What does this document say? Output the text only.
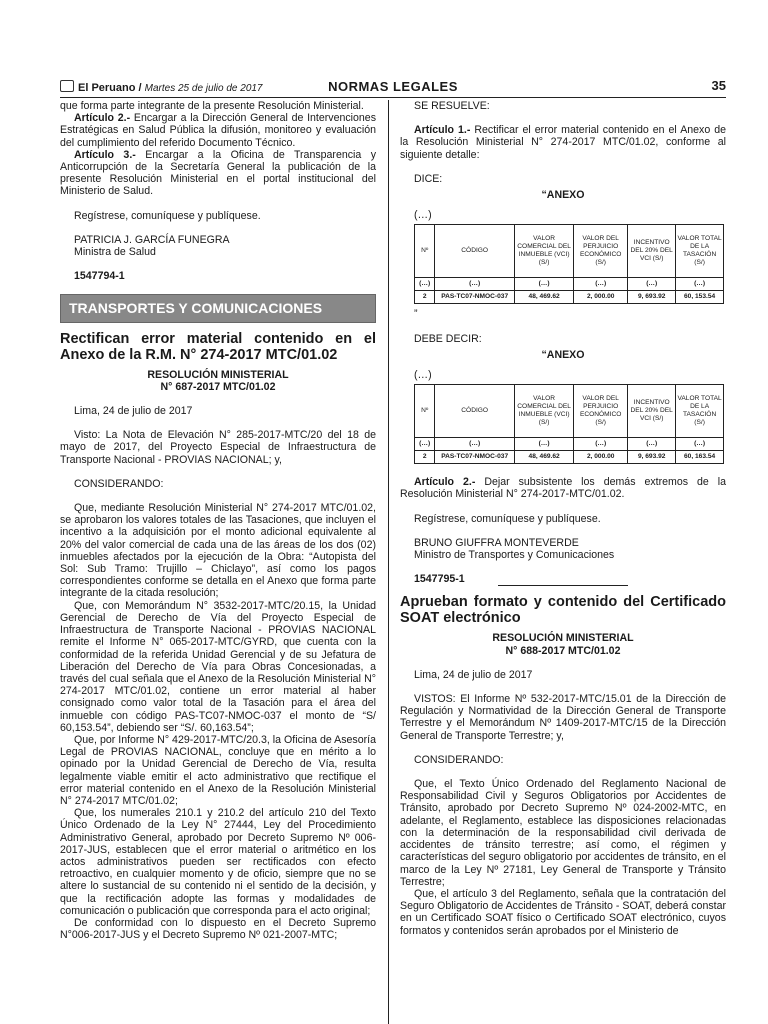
El Peruano / Martes 25 de julio de 2017	NORMAS LEGALES	35

que forma parte integrante de la presente Resolución Ministerial.

Artículo 2.- Encargar a la Dirección General de Intervenciones Estratégicas en Salud Pública la difusión, monitoreo y evaluación del cumplimiento del referido Documento Técnico.

Artículo 3.- Encargar a la Oficina de Transparencia y Anticorrupción de la Secretaría General la publicación de la presente Resolución Ministerial en el portal institucional del Ministerio de Salud.

Regístrese, comuníquese y publíquese.

PATRICIA J. GARCÍA FUNEGRA

Ministra de Salud

1547794-1

TRANSPORTES Y COMUNICACIONES

Rectifican error material contenido en el Anexo de la R.M. N° 274-2017 MTC/01.02

RESOLUCIÓN MINISTERIAL

N° 687-2017 MTC/01.02

Lima, 24 de julio de 2017

Visto: La Nota de Elevación N° 285-2017-MTC/20 del 18 de mayo de 2017, del Proyecto Especial de Infraestructura de Transporte Nacional - PROVIAS NACIONAL; y,

CONSIDERANDO:

Que, mediante Resolución Ministerial N° 274-2017 MTC/01.02, se aprobaron los valores totales de las Tasaciones, que incluyen el incentivo a la adquisición por el monto adicional equivalente al 20% del valor comercial de cada una de las áreas de los dos (02) inmuebles afectados por la ejecución de la Obra: “Autopista del Sol: Sub Tramo: Trujillo – Chiclayo”, así como los pagos correspondientes conforme se detalla en el Anexo que forma parte integrante de la citada resolución;

Que, con Memorándum N° 3532-2017-MTC/20.15, la Unidad Gerencial de Derecho de Vía del Proyecto Especial de Infraestructura de Transporte Nacional - PROVIAS NACIONAL remite el Informe N° 065-2017-MTC/GYRD, que cuenta con la conformidad de la referida Unidad Gerencial y de su Jefatura de Liberación del Derecho de Vía para Obras Concesionadas, a través del cual señala que el Anexo de la Resolución Ministerial N° 274-2017 MTC/01.02, contiene un error material al haber consignado como valor total de la Tasación para el área del inmueble con código PAS-TC07-NMOC-037 el monto de “S/ 60,153.54”, debiendo ser “S/. 60,163.54”;

Que, por Informe N° 429-2017-MTC/20.3, la Oficina de Asesoría Legal de PROVIAS NACIONAL, concluye que en mérito a lo opinado por la Unidad Gerencial de Derecho de Vía, resulta legalmente viable emitir el acto administrativo que rectifique el error material contenido en el Anexo de la Resolución Ministerial N° 274-2017 MTC/01.02;

Que, los numerales 210.1 y 210.2 del artículo 210 del Texto Único Ordenado de la Ley N° 27444, Ley del Procedimiento Administrativo General, aprobado por Decreto Supremo Nº 006-2017-JUS, establecen que el error material o aritmético en los actos administrativos pueden ser rectificados con efecto retroactivo, en cualquier momento y de oficio, siempre que no se altere lo sustancial de su contenido ni el sentido de la decisión, y que la rectificación adopte las formas y modalidades de comunicación o publicación que corresponda para el acto original;

De conformidad con lo dispuesto en el Decreto Supremo N°006-2017-JUS y el Decreto Supremo Nº 021-2007-MTC;

SE RESUELVE:

Artículo 1.- Rectificar el error material contenido en el Anexo de la Resolución Ministerial N° 274-2017 MTC/01.02, conforme al siguiente detalle:

DICE:

“ANEXO

(…)

Nº	CÓDIGO	VALOR COMERCIAL DEL INMUEBLE (VCI) (S/)	VALOR DEL PERJUICIO ECONÓMICO (S/)	INCENTIVO DEL 20% DEL VCI (S/)	VALOR TOTAL DE LA TASACIÓN (S/)
(…)	(…)	(…)	(…)	(…)	(…)
2	PAS-TC07-NMOC-037	48, 469.62	2, 000.00	9, 693.92	60, 153.54

”

DEBE DECIR:

“ANEXO

(…)

Nº	CÓDIGO	VALOR COMERCIAL DEL INMUEBLE (VCI) (S/)	VALOR DEL PERJUICIO ECONÓMICO (S/)	INCENTIVO DEL 20% DEL VCI (S/)	VALOR TOTAL DE LA TASACIÓN (S/)
(…)	(…)	(…)	(…)	(…)	(…)
2	PAS-TC07-NMOC-037	48, 469.62	2, 000.00	9, 693.92	60, 163.54

Artículo 2.- Dejar subsistente los demás extremos de la Resolución Ministerial N° 274-2017-MTC/01.02.

Regístrese, comuníquese y publíquese.

BRUNO GIUFFRA MONTEVERDE

Ministro de Transportes y Comunicaciones

1547795-1

Aprueban formato y contenido del Certificado SOAT electrónico

RESOLUCIÓN MINISTERIAL

N° 688-2017 MTC/01.02

Lima, 24 de julio de 2017

VISTOS: El Informe Nº 532-2017-MTC/15.01 de la Dirección de Regulación y Normatividad de la Dirección General de Transporte Terrestre y el Memorándum Nº 1409-2017-MTC/15 de la Dirección General de Transporte Terrestre; y,

CONSIDERANDO:

Que, el Texto Único Ordenado del Reglamento Nacional de Responsabilidad Civil y Seguros Obligatorios por Accidentes de Tránsito, aprobado por Decreto Supremo Nº 024-2002-MTC, en adelante, el Reglamento, establece las disposiciones relacionadas con la determinación de la responsabilidad civil derivada de accidentes de tránsito terrestre; así como, el régimen y características del seguro obligatorio por accidentes de tránsito, en el marco de la Ley Nº 27181, Ley General de Transporte y Tránsito Terrestre;

Que, el artículo 3 del Reglamento, señala que la contratación del Seguro Obligatorio de Accidentes de Tránsito - SOAT, deberá constar en un Certificado SOAT físico o Certificado SOAT electrónico, cuyos formatos y contenidos serán aprobados por el Ministerio de
